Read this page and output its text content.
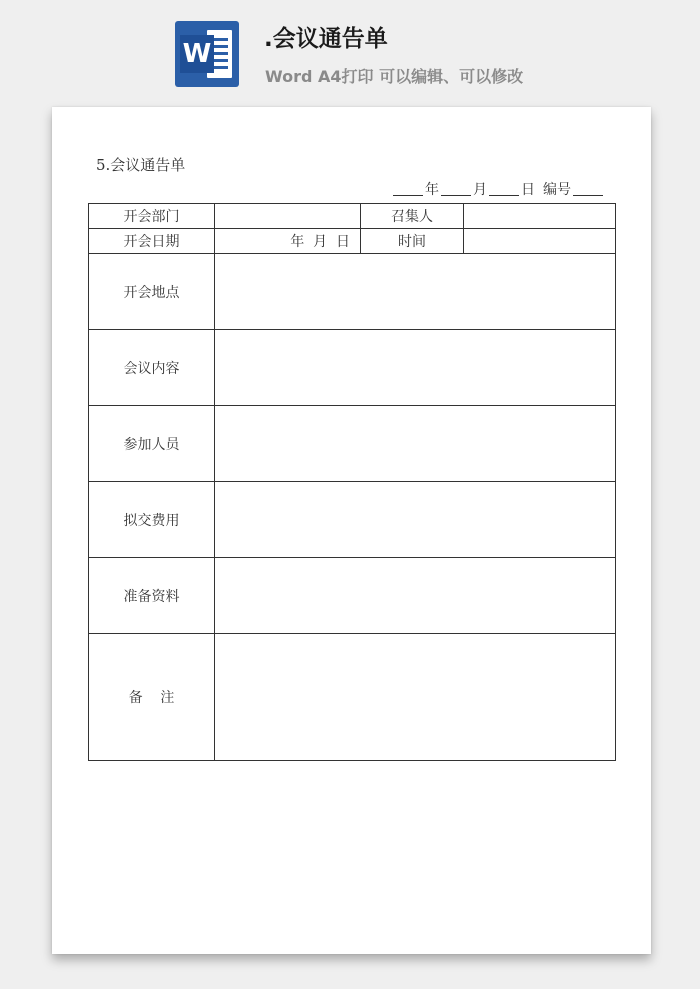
W .会议通告单
Word A4打印 可以编辑、可以修改
5.会议通告单
年 月 日 编号
开会部门		召集人	
开会日期	年  月  日	时间	
开会地点			
会议内容			
参加人员			
拟交费用			
准备资料			
备    注			
